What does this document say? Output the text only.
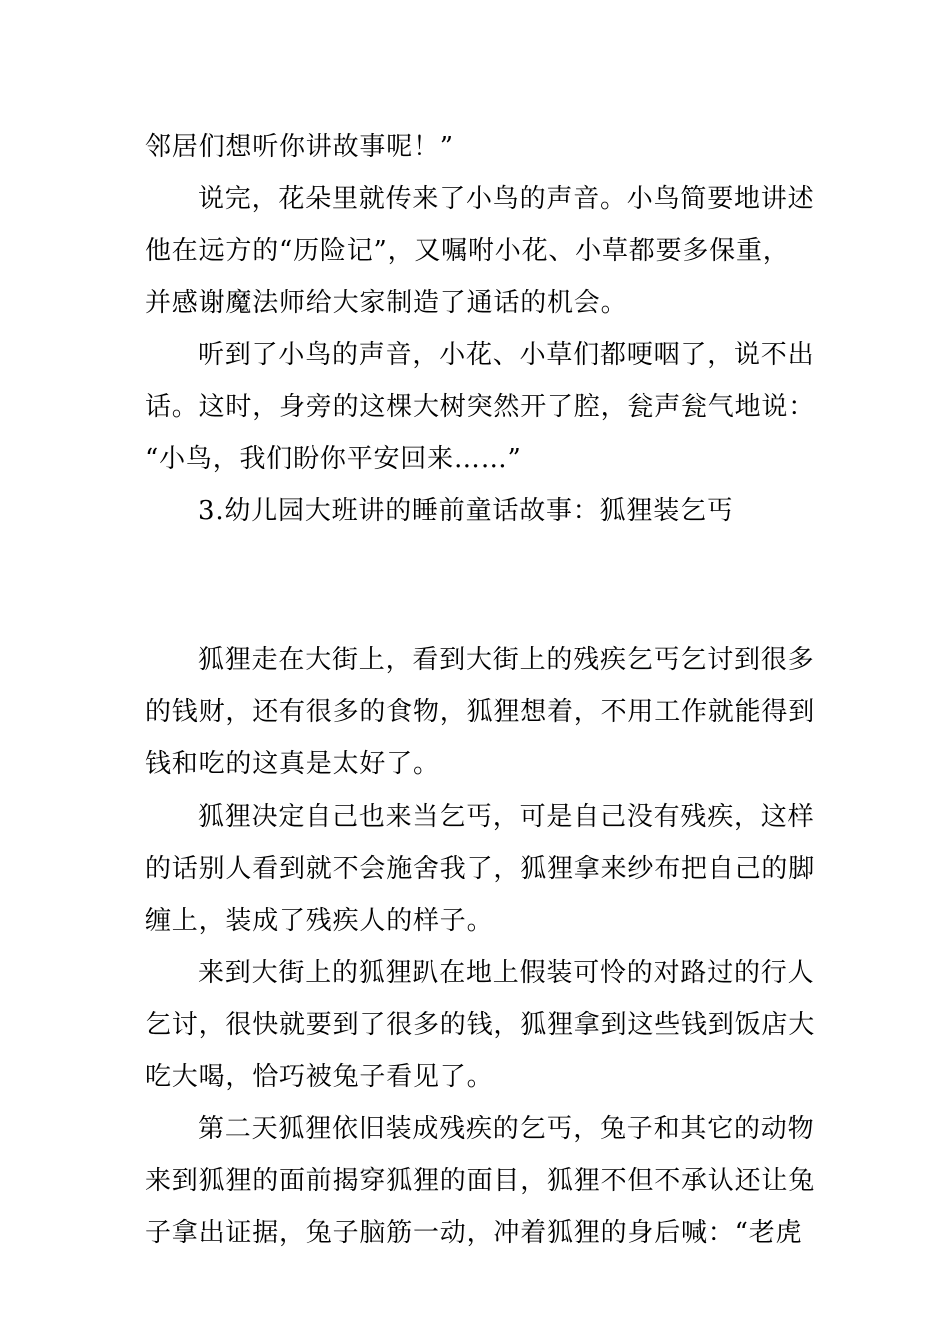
邻居们想听你讲故事呢！”
说完，花朵里就传来了小鸟的声音。小鸟简要地讲述
他在远方的“历险记”，又嘱咐小花、小草都要多保重，
并感谢魔法师给大家制造了通话的机会。
听到了小鸟的声音，小花、小草们都哽咽了，说不出
话。这时，身旁的这棵大树突然开了腔，瓮声瓮气地说：
“小鸟，我们盼你平安回来……”
3.幼儿园大班讲的睡前童话故事：狐狸装乞丐
狐狸走在大街上，看到大街上的残疾乞丐乞讨到很多
的钱财，还有很多的食物，狐狸想着，不用工作就能得到
钱和吃的这真是太好了。
狐狸决定自己也来当乞丐，可是自己没有残疾，这样
的话别人看到就不会施舍我了，狐狸拿来纱布把自己的脚
缠上，装成了残疾人的样子。
来到大街上的狐狸趴在地上假装可怜的对路过的行人
乞讨，很快就要到了很多的钱，狐狸拿到这些钱到饭店大
吃大喝，恰巧被兔子看见了。
第二天狐狸依旧装成残疾的乞丐，兔子和其它的动物
来到狐狸的面前揭穿狐狸的面目，狐狸不但不承认还让兔
子拿出证据，兔子脑筋一动，冲着狐狸的身后喊：“老虎
